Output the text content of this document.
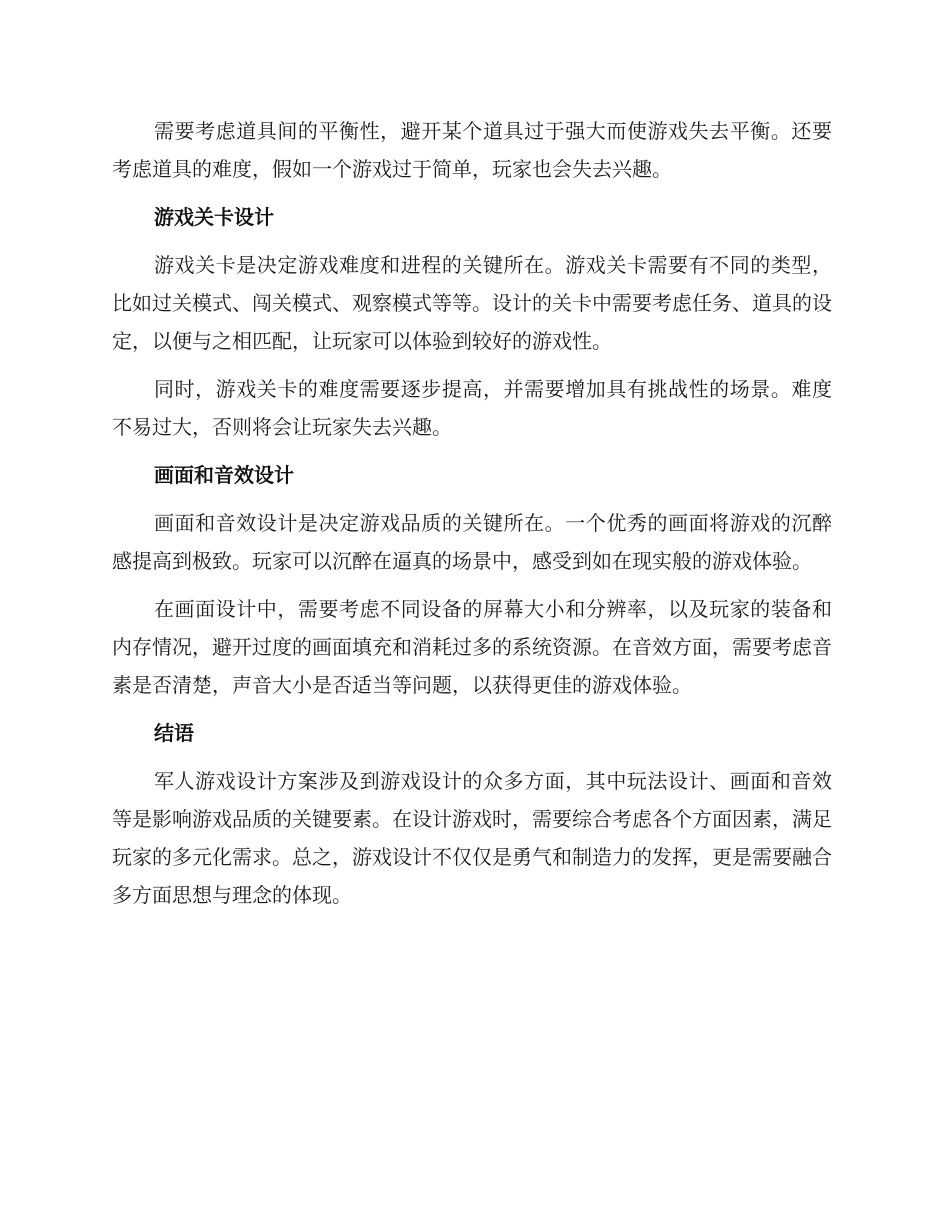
需要考虑道具间的平衡性，避开某个道具过于强大而使游戏失去平衡。还要考虑道具的难度，假如一个游戏过于简单，玩家也会失去兴趣。

游戏关卡设计

游戏关卡是决定游戏难度和进程的关键所在。游戏关卡需要有不同的类型，比如过关模式、闯关模式、观察模式等等。设计的关卡中需要考虑任务、道具的设定，以便与之相匹配，让玩家可以体验到较好的游戏性。

同时，游戏关卡的难度需要逐步提高，并需要增加具有挑战性的场景。难度不易过大，否则将会让玩家失去兴趣。

画面和音效设计

画面和音效设计是决定游戏品质的关键所在。一个优秀的画面将游戏的沉醉感提高到极致。玩家可以沉醉在逼真的场景中，感受到如在现实般的游戏体验。

在画面设计中，需要考虑不同设备的屏幕大小和分辨率，以及玩家的装备和内存情况，避开过度的画面填充和消耗过多的系统资源。在音效方面，需要考虑音素是否清楚，声音大小是否适当等问题，以获得更佳的游戏体验。

结语

军人游戏设计方案涉及到游戏设计的众多方面，其中玩法设计、画面和音效等是影响游戏品质的关键要素。在设计游戏时，需要综合考虑各个方面因素，满足玩家的多元化需求。总之，游戏设计不仅仅是勇气和制造力的发挥，更是需要融合多方面思想与理念的体现。
